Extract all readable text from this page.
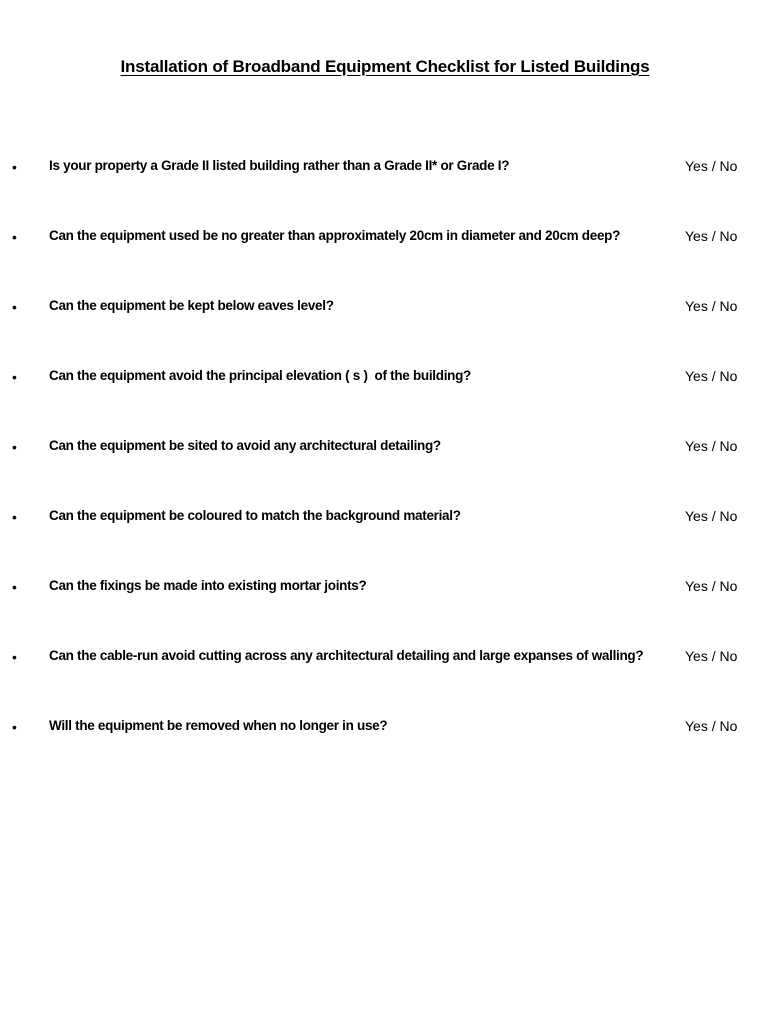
Installation of Broadband Equipment Checklist for Listed Buildings
• Is your property a Grade II listed building rather than a Grade II* or Grade I?	Yes / No
• Can the equipment used be no greater than approximately 20cm in diameter and 20cm deep?	Yes / No
• Can the equipment be kept below eaves level?	Yes / No
• Can the equipment avoid the principal elevation ( s )  of the building?	Yes / No
• Can the equipment be sited to avoid any architectural detailing?	Yes / No
• Can the equipment be coloured to match the background material?	Yes / No
• Can the fixings be made into existing mortar joints?	Yes / No
• Can the cable-run avoid cutting across any architectural detailing and large expanses of walling?	Yes / No
• Will the equipment be removed when no longer in use?	Yes / No
